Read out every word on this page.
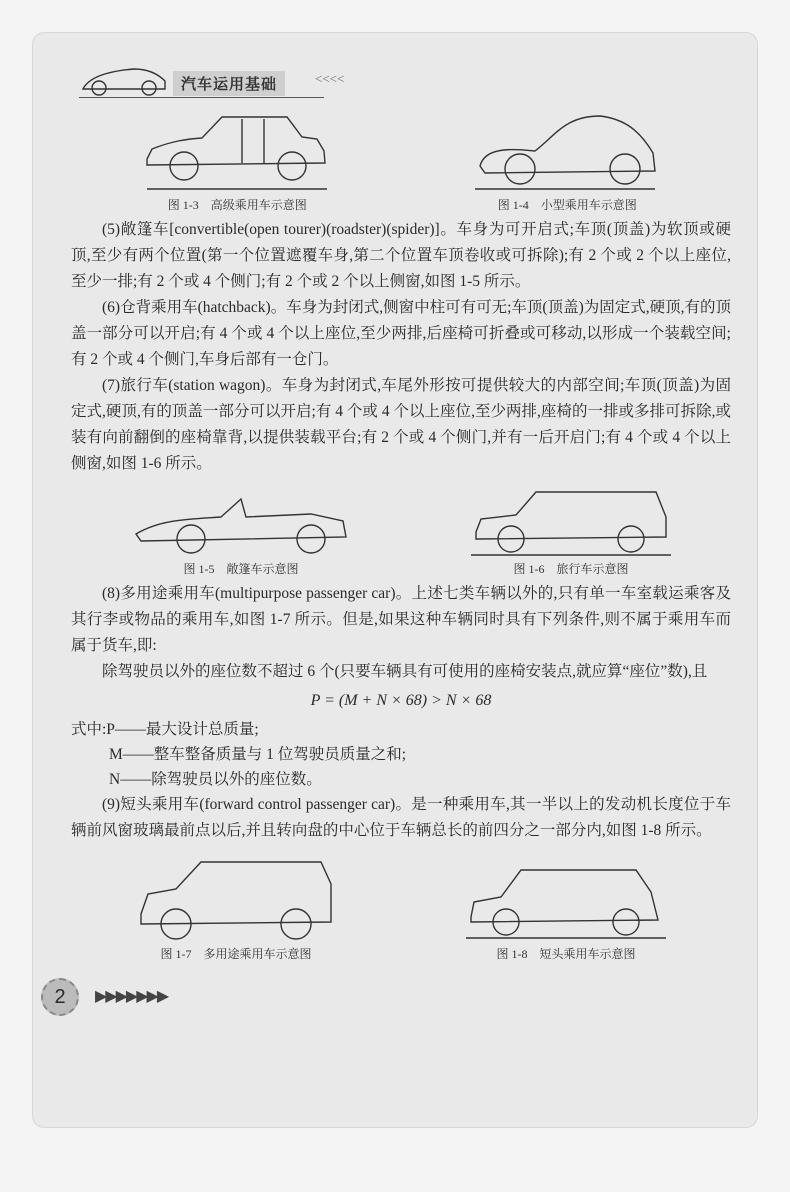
汽车运用基础	<<<<
图 1-3　高级乘用车示意图	图 1-4　小型乘用车示意图

(5)敞篷车[convertible(open tourer)(roadster)(spider)]。车身为可开启式;车顶(顶盖)为软顶或硬顶,至少有两个位置(第一个位置遮覆车身,第二个位置车顶卷收或可拆除);有 2 个或 2 个以上座位,至少一排;有 2 个或 4 个侧门;有 2 个或 2 个以上侧窗,如图 1-5 所示。

(6)仓背乘用车(hatchback)。车身为封闭式,侧窗中柱可有可无;车顶(顶盖)为固定式,硬顶,有的顶盖一部分可以开启;有 4 个或 4 个以上座位,至少两排,后座椅可折叠或可移动,以形成一个装载空间;有 2 个或 4 个侧门,车身后部有一仓门。

(7)旅行车(station wagon)。车身为封闭式,车尾外形按可提供较大的内部空间;车顶(顶盖)为固定式,硬顶,有的顶盖一部分可以开启;有 4 个或 4 个以上座位,至少两排,座椅的一排或多排可拆除,或装有向前翻倒的座椅靠背,以提供装载平台;有 2 个或 4 个侧门,并有一后开启门;有 4 个或 4 个以上侧窗,如图 1-6 所示。

图 1-5　敞篷车示意图	图 1-6　旅行车示意图

(8)多用途乘用车(multipurpose passenger car)。上述七类车辆以外的,只有单一车室载运乘客及其行李或物品的乘用车,如图 1-7 所示。但是,如果这种车辆同时具有下列条件,则不属于乘用车而属于货车,即:

除驾驶员以外的座位数不超过 6 个(只要车辆具有可使用的座椅安装点,就应算“座位”数),且

P = (M + N × 68) > N × 68
式中:P——最大设计总质量;
M——整车整备质量与 1 位驾驶员质量之和;
N——除驾驶员以外的座位数。

(9)短头乘用车(forward control passenger car)。是一种乘用车,其一半以上的发动机长度位于车辆前风窗玻璃最前点以后,并且转向盘的中心位于车辆总长的前四分之一部分内,如图 1-8 所示。

图 1-7　多用途乘用车示意图	图 1-8　短头乘用车示意图
2	▶▶▶▶▶▶▶
